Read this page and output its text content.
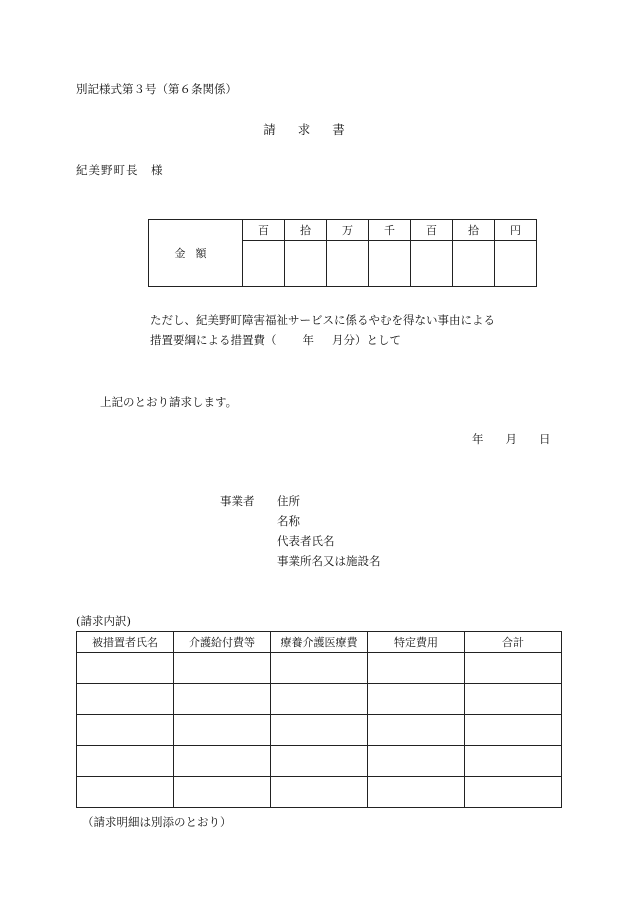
別記様式第３号（第６条関係）
請求書
紀美野町長　様
金額	百	拾	万	千	百	拾	円

ただし、紀美野町障害福祉サービスに係るやむを得ない事由による
措置要綱による措置費（ 年 月分）として
上記のとおり請求します。
年 月 日
事業者 住所
名称
代表者氏名
事業所名又は施設名
(請求内訳)
被措置者氏名	介護給付費等	療養介護医療費	特定費用	合計

（請求明細は別添のとおり）
